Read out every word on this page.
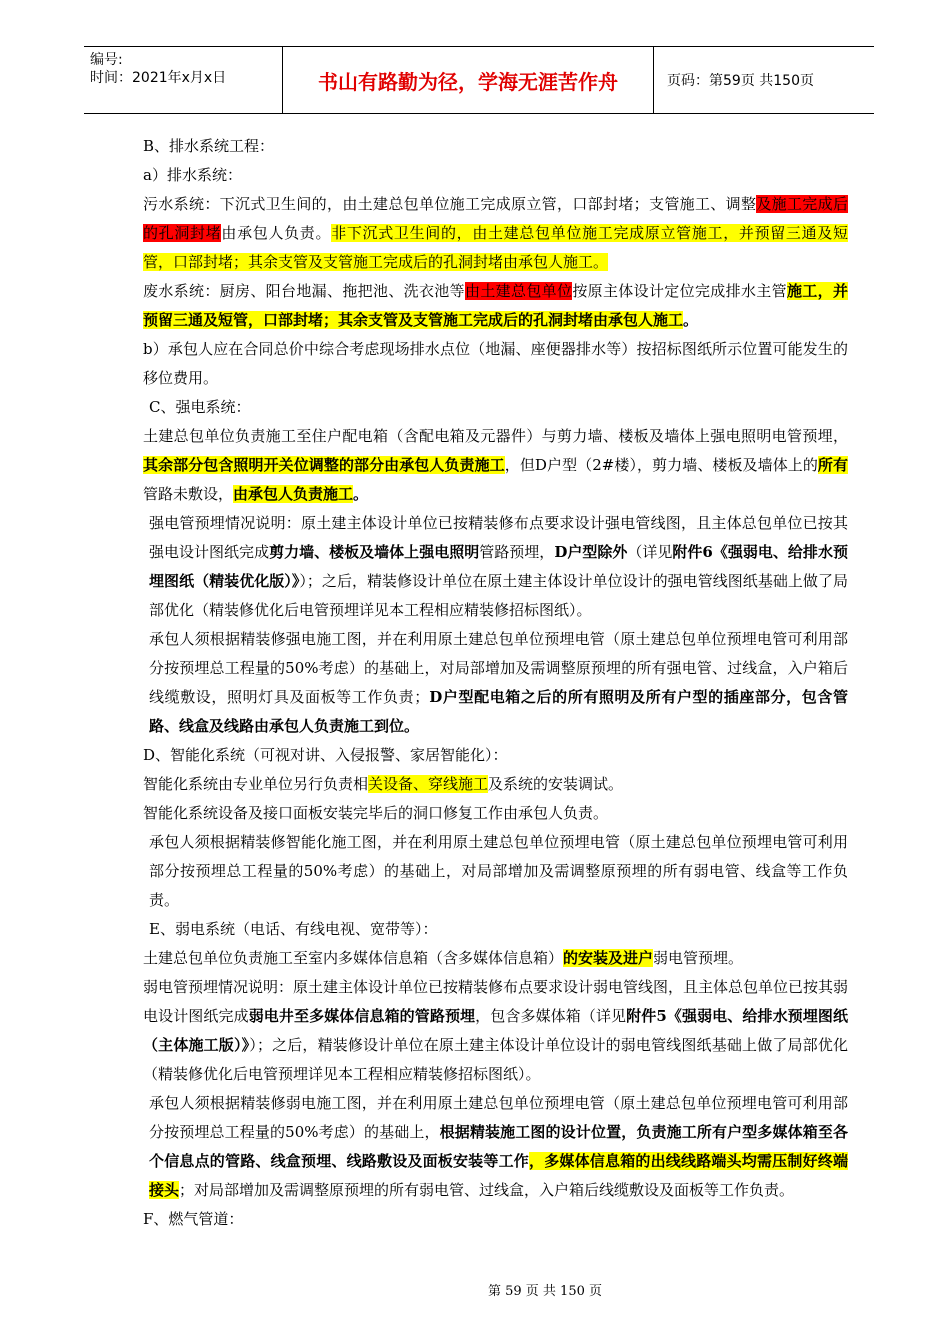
编号:
时间：2021年x月x日	书山有路勤为径，学海无涯苦作舟	页码：第59页 共150页

B、排水系统工程：

a）排水系统：

污水系统：下沉式卫生间的，由土建总包单位施工完成原立管，口部封堵；支管施工、调整及施工完成后的孔洞封堵由承包人负责。非下沉式卫生间的，由土建总包单位施工完成原立管施工，并预留三通及短管，口部封堵；其余支管及支管施工完成后的孔洞封堵由承包人施工。

废水系统：厨房、阳台地漏、拖把池、洗衣池等由土建总包单位按原主体设计定位完成排水主管施工，并预留三通及短管，口部封堵；其余支管及支管施工完成后的孔洞封堵由承包人施工。

b）承包人应在合同总价中综合考虑现场排水点位（地漏、座便器排水等）按招标图纸所示位置可能发生的移位费用。

C、强电系统：

土建总包单位负责施工至住户配电箱（含配电箱及元器件）与剪力墙、楼板及墙体上强电照明电管预埋，其余部分包含照明开关位调整的部分由承包人负责施工，但D户型（2#楼），剪力墙、楼板及墙体上的所有管路未敷设，由承包人负责施工。

强电管预埋情况说明：原土建主体设计单位已按精装修布点要求设计强电管线图，且主体总包单位已按其强电设计图纸完成剪力墙、楼板及墙体上强电照明管路预埋，D户型除外（详见附件6《强弱电、给排水预埋图纸（精装优化版）》）；之后，精装修设计单位在原土建主体设计单位设计的强电管线图纸基础上做了局部优化（精装修优化后电管预埋详见本工程相应精装修招标图纸）。

承包人须根据精装修强电施工图，并在利用原土建总包单位预埋电管（原土建总包单位预埋电管可利用部分按预埋总工程量的50%考虑）的基础上，对局部增加及需调整原预埋的所有强电管、过线盒，入户箱后线缆敷设，照明灯具及面板等工作负责；D户型配电箱之后的所有照明及所有户型的插座部分，包含管路、线盒及线路由承包人负责施工到位。

D、智能化系统（可视对讲、入侵报警、家居智能化）：

智能化系统由专业单位另行负责相关设备、穿线施工及系统的安装调试。

智能化系统设备及接口面板安装完毕后的洞口修复工作由承包人负责。

承包人须根据精装修智能化施工图，并在利用原土建总包单位预埋电管（原土建总包单位预埋电管可利用部分按预埋总工程量的50%考虑）的基础上，对局部增加及需调整原预埋的所有弱电管、线盒等工作负责。

E、弱电系统（电话、有线电视、宽带等）：

土建总包单位负责施工至室内多媒体信息箱（含多媒体信息箱）的安装及进户弱电管预埋。

弱电管预埋情况说明：原土建主体设计单位已按精装修布点要求设计弱电管线图，且主体总包单位已按其弱电设计图纸完成弱电井至多媒体信息箱的管路预埋，包含多媒体箱（详见附件5《强弱电、给排水预埋图纸（主体施工版）》）；之后，精装修设计单位在原土建主体设计单位设计的弱电管线图纸基础上做了局部优化（精装修优化后电管预埋详见本工程相应精装修招标图纸）。

承包人须根据精装修弱电施工图，并在利用原土建总包单位预埋电管（原土建总包单位预埋电管可利用部分按预埋总工程量的50%考虑）的基础上，根据精装施工图的设计位置，负责施工所有户型多媒体箱至各个信息点的管路、线盒预埋、线路敷设及面板安装等工作，多媒体信息箱的出线线路端头均需压制好终端接头；对局部增加及需调整原预埋的所有弱电管、过线盒，入户箱后线缆敷设及面板等工作负责。

F、燃气管道：

第 59 页 共 150 页
